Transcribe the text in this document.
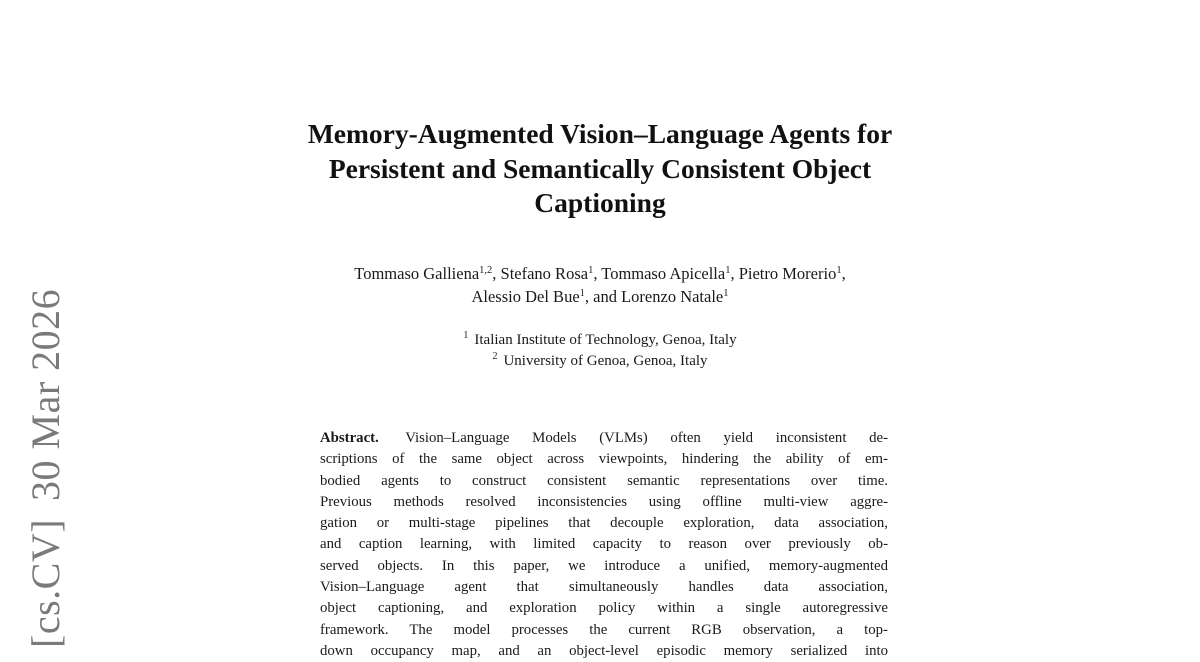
[cs.CV]30 Mar 2026
Memory-Augmented Vision–Language Agents for
Persistent and Semantically Consistent Object
Captioning
Tommaso Galliena$^{1,2}$, Stefano Rosa$^1$, Tommaso Apicella$^1$, Pietro Morerio$^1$,
Alessio Del Bue$^1$, and Lorenzo Natale$^1$
$^1$ Italian Institute of Technology, Genoa, Italy
$^2$ University of Genoa, Genoa, Italy
Abstract. Vision–Language Models (VLMs) often yield inconsistent de-
scriptions of the same object across viewpoints, hindering the ability of em-
bodied agents to construct consistent semantic representations over time.
Previous methods resolved inconsistencies using offline multi-view aggre-
gation or multi-stage pipelines that decouple exploration, data association,
and caption learning, with limited capacity to reason over previously ob-
served objects. In this paper, we introduce a unified, memory-augmented
Vision–Language agent that simultaneously handles data association,
object captioning, and exploration policy within a single autoregressive
framework. The model processes the current RGB observation, a top-
down occupancy map, and an object-level episodic memory serialized into
